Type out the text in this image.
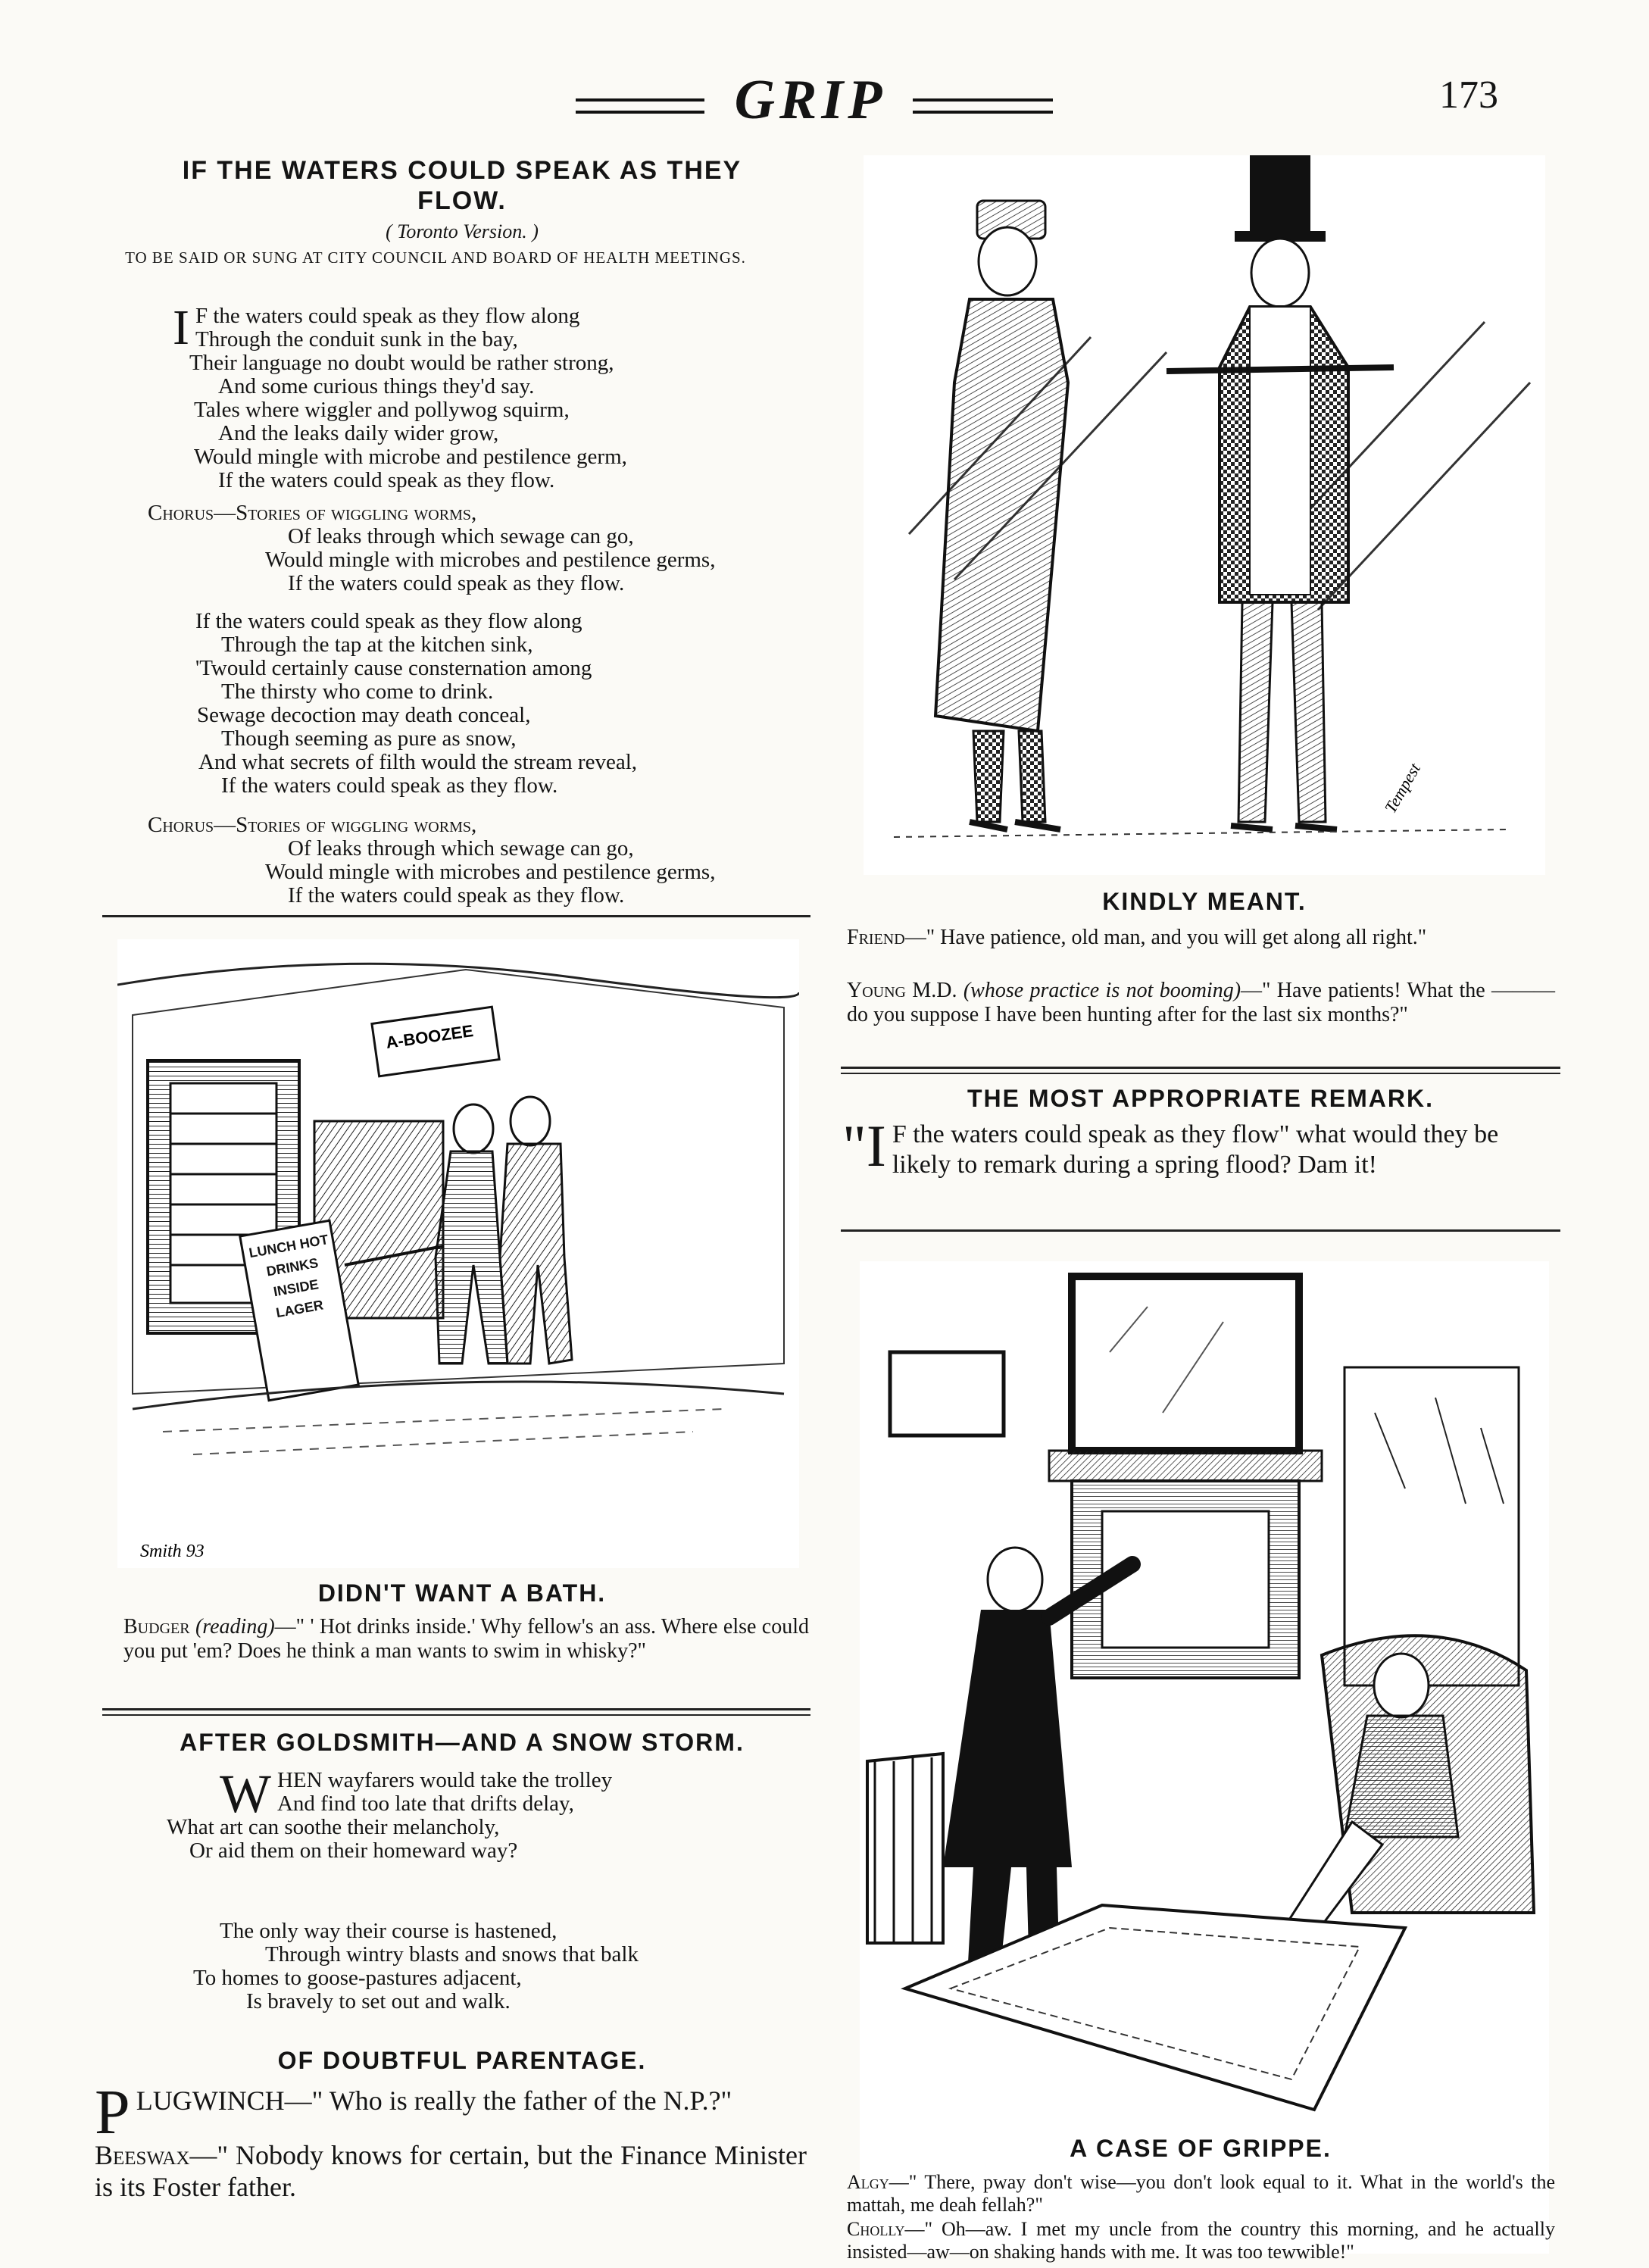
GRIP	173
IF THE WATERS COULD SPEAK AS THEY FLOW.
( Toronto Version. )
TO BE SAID OR SUNG AT CITY COUNCIL AND BOARD OF HEALTH MEETINGS.
I F the waters could speak as they flow along
Through the conduit sunk in the bay,
Their language no doubt would be rather strong,
And some curious things they'd say.
Tales where wiggler and pollywog squirm,
And the leaks daily wider grow,
Would mingle with microbe and pestilence germ,
If the waters could speak as they flow.
Chorus—Stories of wiggling worms,
Of leaks through which sewage can go,
Would mingle with microbes and pestilence germs,
If the waters could speak as they flow.
If the waters could speak as they flow along
Through the tap at the kitchen sink,
'Twould certainly cause consternation among
The thirsty who come to drink.
Sewage decoction may death conceal,
Though seeming as pure as snow,
And what secrets of filth would the stream reveal,
If the waters could speak as they flow.
Chorus—Stories of wiggling worms,
Of leaks through which sewage can go,
Would mingle with microbes and pestilence germs,
If the waters could speak as they flow.
A-BOOZEE
LUNCH HOT DRINKS INSIDE LAGER
Smith 93
DIDN'T WANT A BATH.
Budger (reading)—" ' Hot drinks inside.' Why fellow's an ass. Where else could you put 'em? Does he think a man wants to swim in whisky?"
AFTER GOLDSMITH—AND A SNOW STORM.
W HEN wayfarers would take the trolley
And find too late that drifts delay,
What art can soothe their melancholy,
Or aid them on their homeward way?
The only way their course is hastened,
Through wintry blasts and snows that balk
To homes to goose-pastures adjacent,
Is bravely to set out and walk.
OF DOUBTFUL PARENTAGE.
P LUGWINCH—" Who is really the father of the N.P.?"
Beeswax—" Nobody knows for certain, but the Finance Minister is its Foster father.
Tempest
KINDLY MEANT.
Friend—" Have patience, old man, and you will get along all right."
Young M.D. (whose practice is not booming)—" Have patients! What the ——— do you suppose I have been hunting after for the last six months?"
THE MOST APPROPRIATE REMARK.
"I F the waters could speak as they flow" what would they be likely to remark during a spring flood? Dam it!
A CASE OF GRIPPE.
Algy—" There, pway don't wise—you don't look equal to it. What in the world's the mattah, me deah fellah?"
Cholly—" Oh—aw. I met my uncle from the country this morning, and he actually insisted—aw—on shaking hands with me. It was too tewwible!"
